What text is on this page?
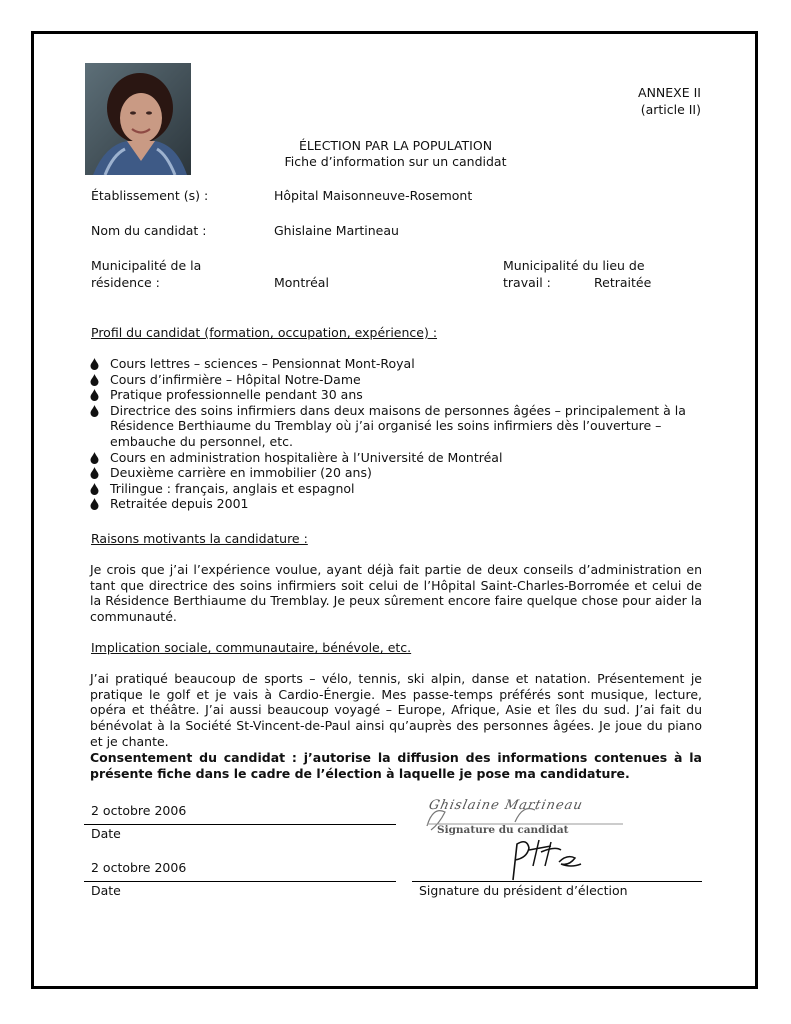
ANNEXE II
(article II)
ÉLECTION PAR LA POPULATION
Fiche d’information sur un candidat
Établissement (s) :	Hôpital Maisonneuve-Rosemont
Nom du candidat :	Ghislaine Martineau
Municipalité de la
résidence :	Montréal
Municipalité du lieu de
travail :	Retraitée
Profil du candidat (formation, occupation, expérience) :
Cours lettres – sciences – Pensionnat Mont-Royal
Cours d’infirmière – Hôpital Notre-Dame
Pratique professionnelle pendant 30 ans
Directrice des soins infirmiers dans deux maisons de personnes âgées – principalement à la Résidence Berthiaume du Tremblay où j’ai organisé les soins infirmiers dès l’ouverture – embauche du personnel, etc.
Cours en administration hospitalière à l’Université de Montréal
Deuxième carrière en immobilier (20 ans)
Trilingue : français, anglais et espagnol
Retraitée depuis 2001
Raisons motivants la candidature :
Je crois que j’ai l’expérience voulue, ayant déjà fait partie de deux conseils d’administration en tant que directrice des soins infirmiers soit celui de l’Hôpital Saint-Charles-Borromée et celui de la Résidence Berthiaume du Tremblay. Je peux sûrement encore faire quelque chose pour aider la communauté.
Implication sociale, communautaire, bénévole, etc.
J’ai pratiqué beaucoup de sports – vélo, tennis, ski alpin, danse et natation. Présentement je pratique le golf et je vais à Cardio-Énergie. Mes passe-temps préférés sont musique, lecture, opéra et théâtre. J’ai aussi beaucoup voyagé – Europe, Afrique, Asie et îles du sud. J’ai fait du bénévolat à la Société St-Vincent-de-Paul ainsi qu’auprès des personnes âgées. Je joue du piano et je chante.
Consentement du candidat : j’autorise la diffusion des informations contenues à la présente fiche dans le cadre de l’élection à laquelle je pose ma candidature.
2 octobre 2006
Date
Ghislaine Martineau
Signature du candidat
2 octobre 2006
Date	Signature du président d’élection
